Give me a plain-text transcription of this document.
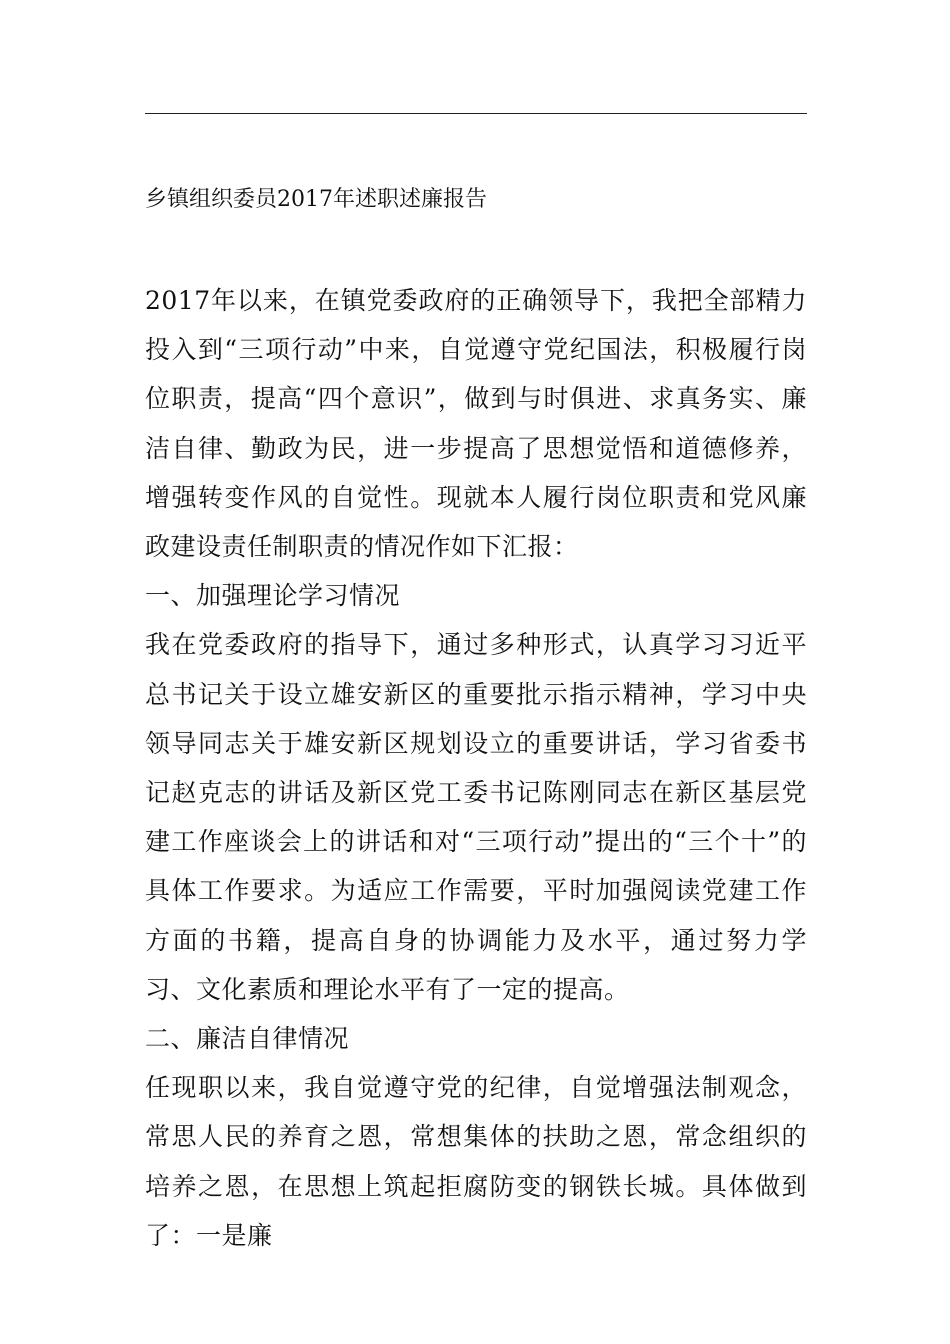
乡镇组织委员2017年述职述廉报告

2017年以来，在镇党委政府的正确领导下，我把全部精力投入到“三项行动”中来，自觉遵守党纪国法，积极履行岗位职责，提高“四个意识”，做到与时俱进、求真务实、廉洁自律、勤政为民，进一步提高了思想觉悟和道德修养，增强转变作风的自觉性。现就本人履行岗位职责和党风廉政建设责任制职责的情况作如下汇报：

一、加强理论学习情况

我在党委政府的指导下，通过多种形式，认真学习习近平总书记关于设立雄安新区的重要批示指示精神，学习中央领导同志关于雄安新区规划设立的重要讲话，学习省委书记赵克志的讲话及新区党工委书记陈刚同志在新区基层党建工作座谈会上的讲话和对“三项行动”提出的“三个十”的具体工作要求。为适应工作需要，平时加强阅读党建工作方面的书籍，提高自身的协调能力及水平，通过努力学习、文化素质和理论水平有了一定的提高。

二、廉洁自律情况

任现职以来，我自觉遵守党的纪律，自觉增强法制观念，常思人民的养育之恩，常想集体的扶助之恩，常念组织的培养之恩，在思想上筑起拒腐防变的钢铁长城。具体做到了：一是廉
